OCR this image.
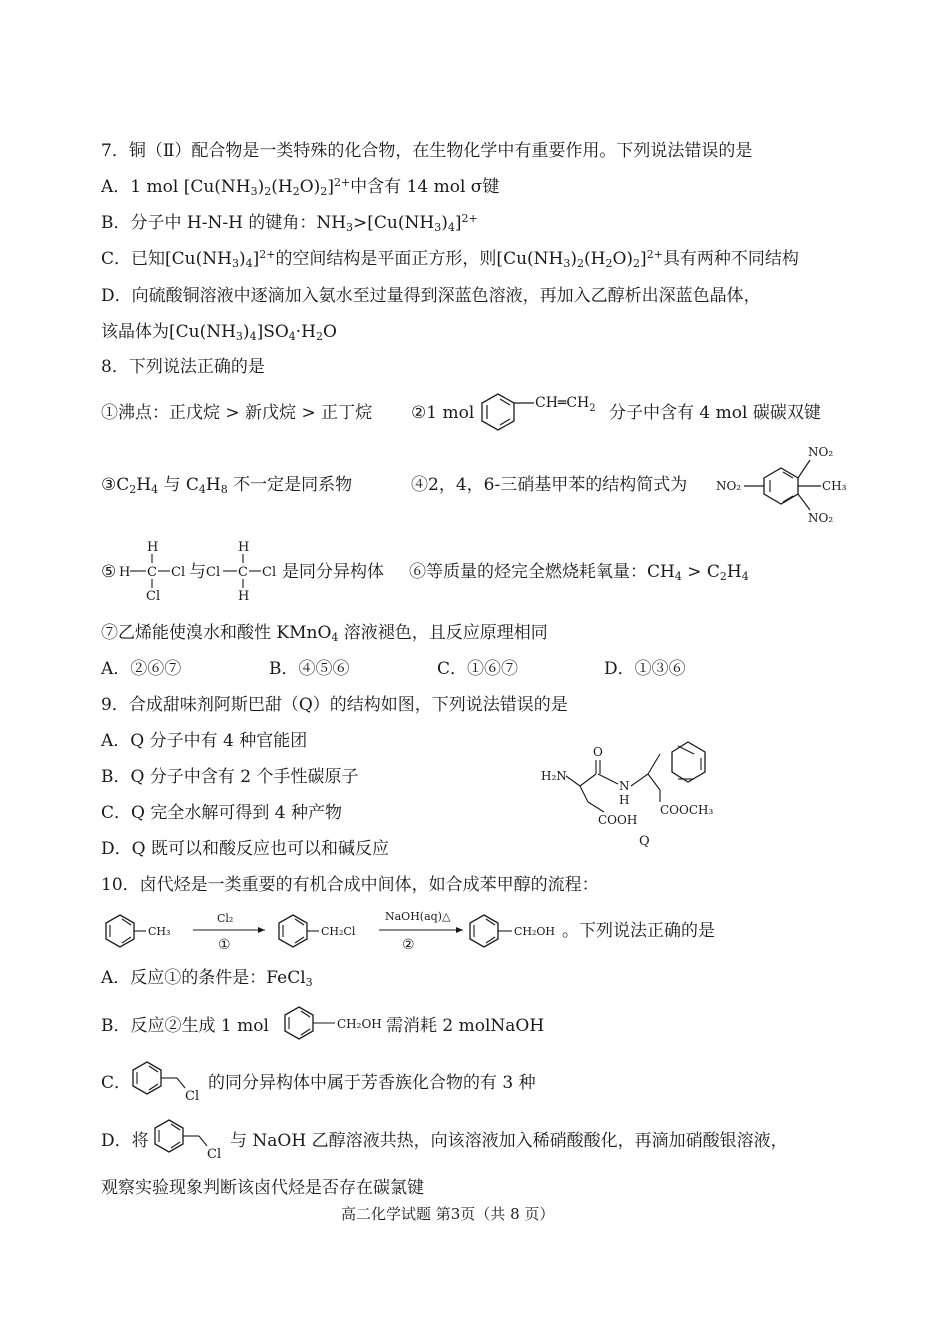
7．铜（Ⅱ）配合物是一类特殊的化合物，在生物化学中有重要作用。下列说法错误的是
A．1 mol $[Cu(NH_3)_2(H_2O)_2]^{2+}$中含有 14 mol σ键
B．分子中 H-N-H 的键角：$NH_3>[Cu(NH_3)_4]^{2+}$
C．已知$[Cu(NH_3)_4]^{2+}$的空间结构是平面正方形，则$[Cu(NH_3)_2(H_2O)_2]^{2+}$具有两种不同结构
D．向硫酸铜溶液中逐滴加入氨水至过量得到深蓝色溶液，再加入乙醇析出深蓝色晶体，
该晶体为$[Cu(NH_3)_4]SO_4\cdot H_2O$
8．下列说法正确的是
①沸点：正戊烷 > 新戊烷 > 正丁烷 ②1 mol	$CH═CH_2$ 分子中含有 4 mol 碳碳双键
$③C_2H_4$ 与 $C_4H_8$ 不一定是同系物	④2，4，6-三硝基甲苯的结构简式为 NO₂
NO₂
CH₃
NO₂
⑤
H
H C Cl
Cl
与
H
Cl C Cl
H
是同分异构体 ⑥等质量的烃完全燃烧耗氧量：$CH_4 > C_2H_4$
⑦乙烯能使溴水和酸性 KMnO$_4$ 溶液褪色，且反应原理相同
A．②⑥⑦	B．④⑤⑥	C．①⑥⑦	D．①③⑥
9．合成甜味剂阿斯巴甜（Q）的结构如图，下列说法错误的是
A．Q 分子中有 4 种官能团
B．Q 分子中含有 2 个手性碳原子
C．Q 完全水解可得到 4 种产物
D．Q 既可以和酸反应也可以和碱反应
H₂N
O
N
H
COOH
COOCH₃
Q
10．卤代烃是一类重要的有机合成中间体，如合成苯甲醇的流程：
CH₃
Cl₂
①
CH₂Cl
NaOH(aq)△
②
CH₂OH 。下列说法正确的是
A．反应①的条件是：FeCl$_3$
B．反应②生成 1 mol	CH₂OH 需消耗 2 molNaOH
C．
Cl
的同分异构体中属于芳香族化合物的有 3 种
D．将
Cl
与 NaOH 乙醇溶液共热，向该溶液加入稀硝酸酸化，再滴加硝酸银溶液，
观察实验现象判断该卤代烃是否存在碳氯键
高二化学试题 第3页（共 8 页）
